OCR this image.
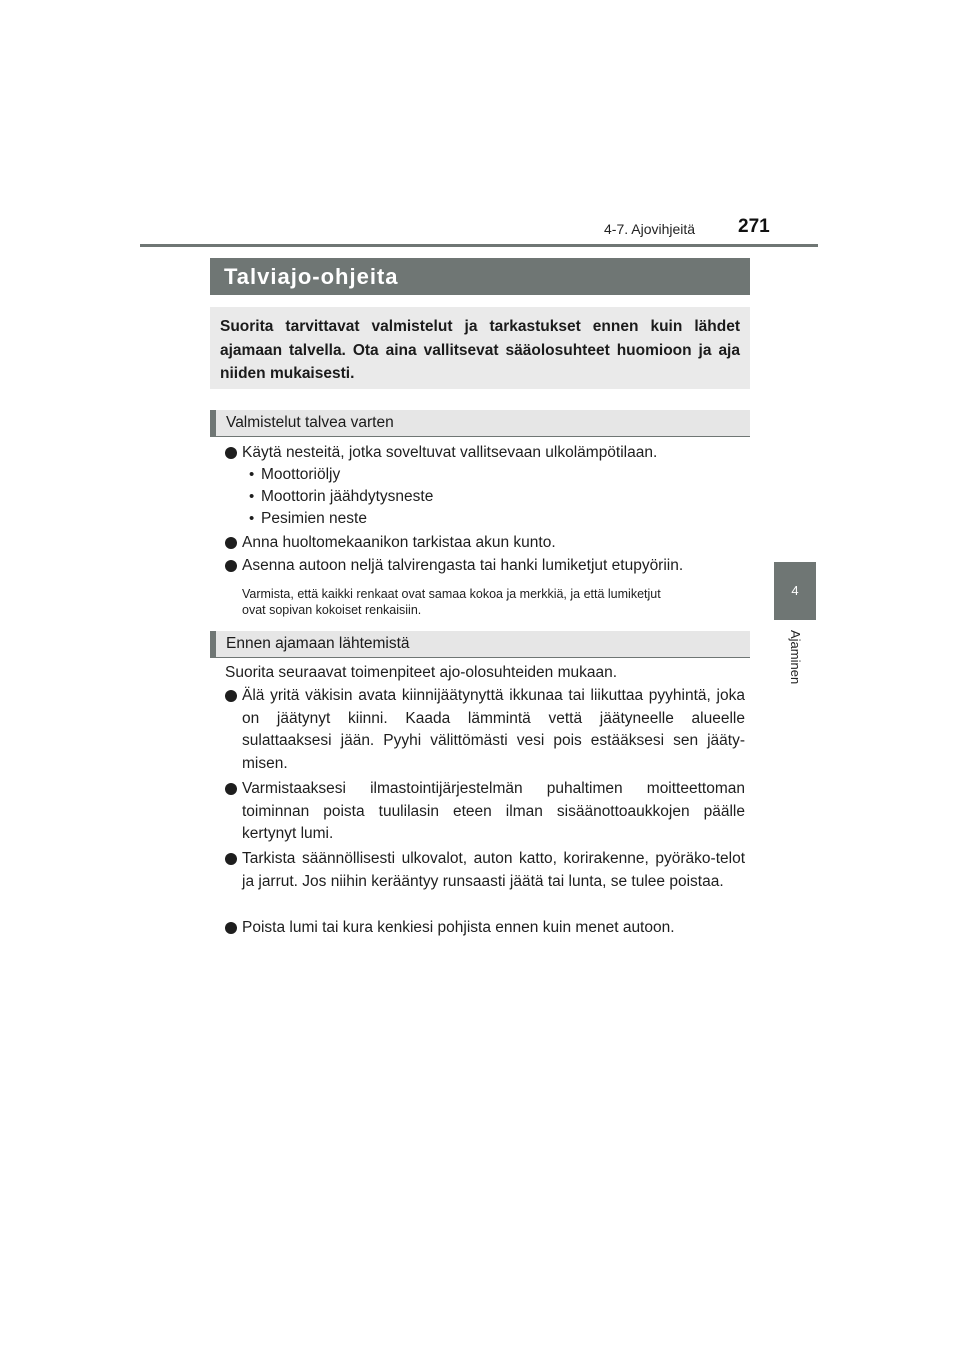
4-7. Ajovihjeitä 271
4
Ajaminen
Talviajo-ohjeita
Suorita tarvittavat valmistelut ja tarkastukset ennen kuin lähdet ajamaan talvella. Ota aina vallitsevat sääolosuhteet huomioon ja aja niiden mukaisesti.
Valmistelut talvea varten
Käytä nesteitä, jotka soveltuvat vallitsevaan ulkolämpötilaan.
• Moottoriöljy
• Moottorin jäähdytysneste
• Pesimien neste
Anna huoltomekaanikon tarkistaa akun kunto.
Asenna autoon neljä talvirengasta tai hanki lumiketjut etupyöriin.
Varmista, että kaikki renkaat ovat samaa kokoa ja merkkiä, ja että lumiketjut
ovat sopivan kokoiset renkaisiin.
Ennen ajamaan lähtemistä
Suorita seuraavat toimenpiteet ajo-olosuhteiden mukaan.
Älä yritä väkisin avata kiinnijäätynyttä ikkunaa tai liikuttaa pyyhintä, joka on jäätynyt kiinni. Kaada lämmintä vettä jäätyneelle alueelle sulattaaksesi jään. Pyyhi välittömästi vesi pois estääksesi sen jääty-misen.
Varmistaaksesi ilmastointijärjestelmän puhaltimen moitteettoman toiminnan poista tuulilasin eteen ilman sisäänottoaukkojen päälle kertynyt lumi.
Tarkista säännöllisesti ulkovalot, auton katto, korirakenne, pyöräko-telot ja jarrut. Jos niihin kerääntyy runsaasti jäätä tai lunta, se tulee poistaa.
Poista lumi tai kura kenkiesi pohjista ennen kuin menet autoon.
